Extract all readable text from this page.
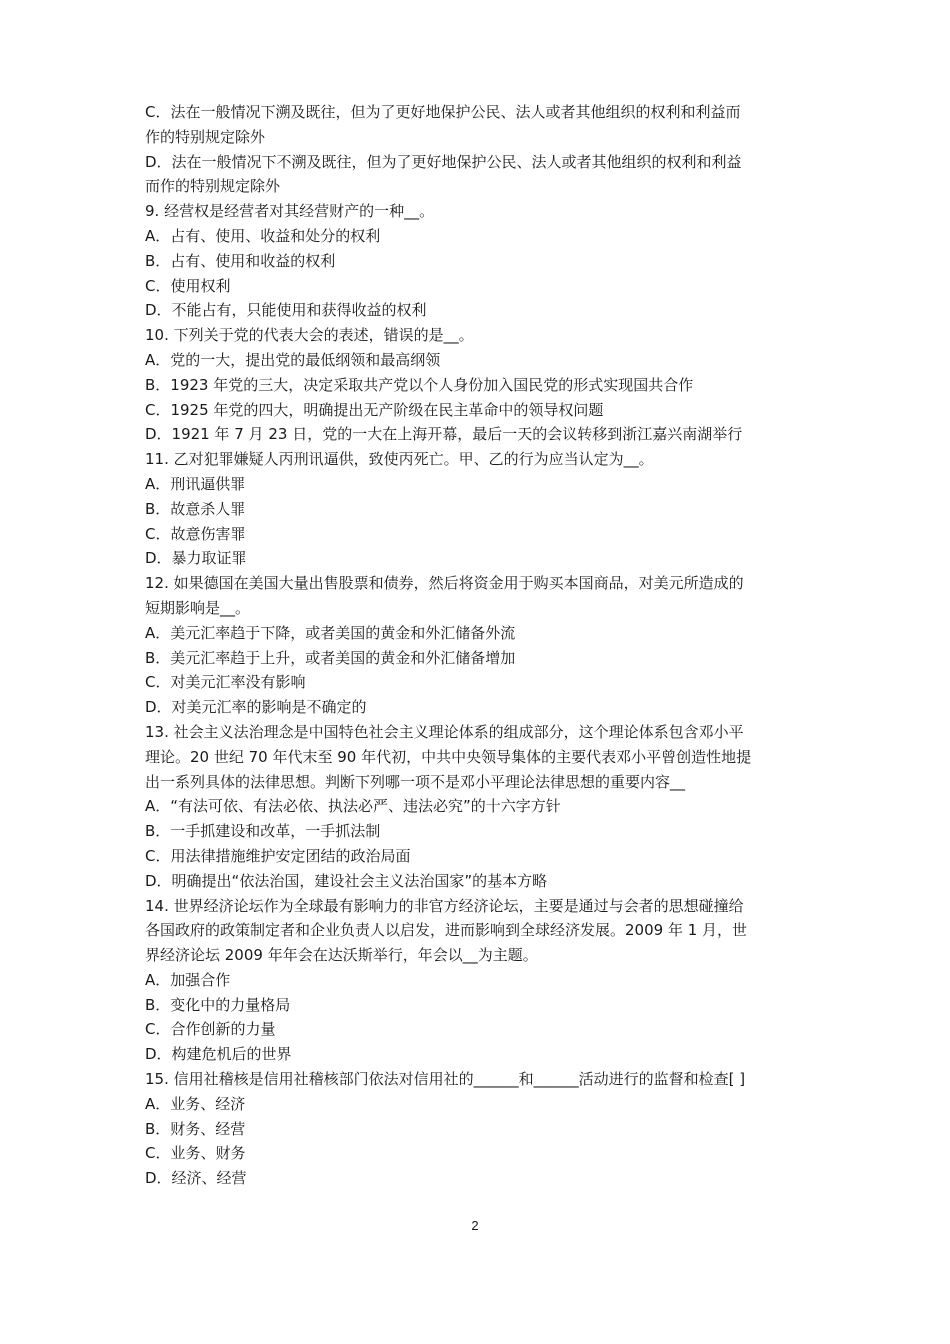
C．法在一般情况下溯及既往，但为了更好地保护公民、法人或者其他组织的权利和利益而
作的特别规定除外
D．法在一般情况下不溯及既往，但为了更好地保护公民、法人或者其他组织的权利和利益
而作的特别规定除外
9. 经营权是经营者对其经营财产的一种__。
A．占有、使用、收益和处分的权利
B．占有、使用和收益的权利
C．使用权利
D．不能占有，只能使用和获得收益的权利
10. 下列关于党的代表大会的表述，错误的是__。
A．党的一大，提出党的最低纲领和最高纲领
B．1923 年党的三大，决定采取共产党以个人身份加入国民党的形式实现国共合作
C．1925 年党的四大，明确提出无产阶级在民主革命中的领导权问题
D．1921 年 7 月 23 日，党的一大在上海开幕，最后一天的会议转移到浙江嘉兴南湖举行
11. 乙对犯罪嫌疑人丙刑讯逼供，致使丙死亡。甲、乙的行为应当认定为__。
A．刑讯逼供罪
B．故意杀人罪
C．故意伤害罪
D．暴力取证罪
12. 如果德国在美国大量出售股票和债券，然后将资金用于购买本国商品，对美元所造成的
短期影响是__。
A．美元汇率趋于下降，或者美国的黄金和外汇储备外流
B．美元汇率趋于上升，或者美国的黄金和外汇储备增加
C．对美元汇率没有影响
D．对美元汇率的影响是不确定的
13. 社会主义法治理念是中国特色社会主义理论体系的组成部分，这个理论体系包含邓小平
理论。20 世纪 70 年代末至 90 年代初，中共中央领导集体的主要代表邓小平曾创造性地提
出一系列具体的法律思想。判断下列哪一项不是邓小平理论法律思想的重要内容__
A．“有法可依、有法必依、执法必严、违法必究”的十六字方针
B．一手抓建设和改革，一手抓法制
C．用法律措施维护安定团结的政治局面
D．明确提出“依法治国，建设社会主义法治国家”的基本方略
14. 世界经济论坛作为全球最有影响力的非官方经济论坛，主要是通过与会者的思想碰撞给
各国政府的政策制定者和企业负责人以启发，进而影响到全球经济发展。2009 年 1 月，世
界经济论坛 2009 年年会在达沃斯举行，年会以__为主题。
A．加强合作
B．变化中的力量格局
C．合作创新的力量
D．构建危机后的世界
15. 信用社稽核是信用社稽核部门依法对信用社的______和______活动进行的监督和检查[ ]
A．业务、经济
B．财务、经营
C．业务、财务
D．经济、经营
2
